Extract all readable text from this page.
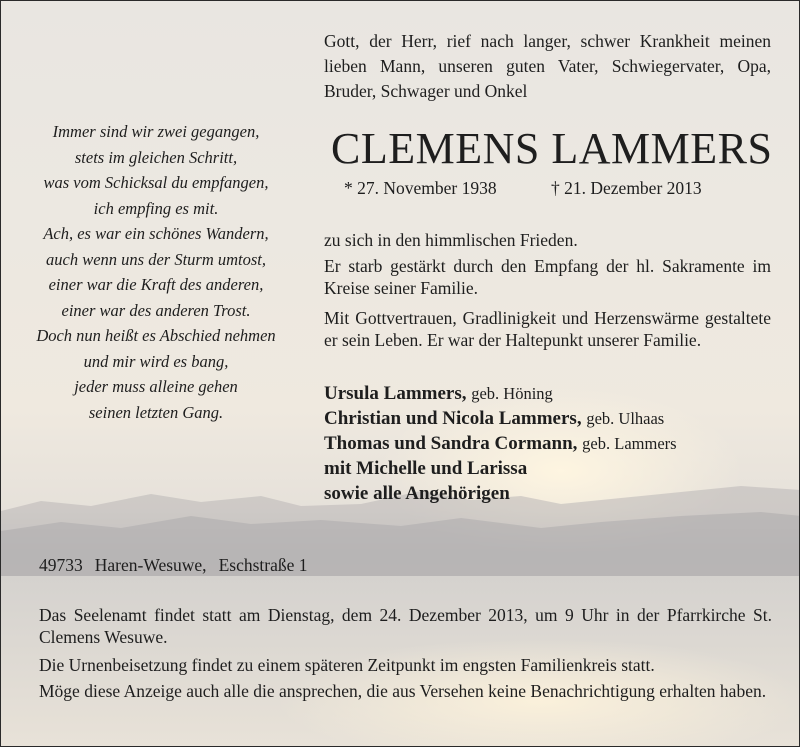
Gott, der Herr, rief nach langer, schwer Krankheit meinen lieben Mann, unseren guten Vater, Schwiegervater, Opa, Bruder, Schwager und Onkel

Immer sind wir zwei gegangen,
stets im gleichen Schritt,
was vom Schicksal du empfangen,
ich empfing es mit.
Ach, es war ein schönes Wandern,
auch wenn uns der Sturm umtost,
einer war die Kraft des anderen,
einer war des anderen Trost.
Doch nun heißt es Abschied nehmen
und mir wird es bang,
jeder muss alleine gehen
seinen letzten Gang.
CLEMENS LAMMERS
* 27. November 1938	† 21. Dezember 2013

zu sich in den himmlischen Frieden.

Er starb gestärkt durch den Empfang der hl. Sakramente im Kreise seiner Familie.

Mit Gottvertrauen, Gradlinigkeit und Herzenswärme gestaltete er sein Leben. Er war der Haltepunkt unserer Familie.

Ursula Lammers, geb. Höning
Christian und Nicola Lammers, geb. Ulhaas
Thomas und Sandra Cormann, geb. Lammers
mit Michelle und Larissa
sowie alle Angehörigen
49733 Haren-Wesuwe, Eschstraße 1

Das Seelenamt findet statt am Dienstag, dem 24. Dezember 2013, um 9 Uhr in der Pfarrkirche St. Clemens Wesuwe.

Die Urnenbeisetzung findet zu einem späteren Zeitpunkt im engsten Familienkreis statt.

Möge diese Anzeige auch alle die ansprechen, die aus Versehen keine Benachrichtigung erhalten haben.
